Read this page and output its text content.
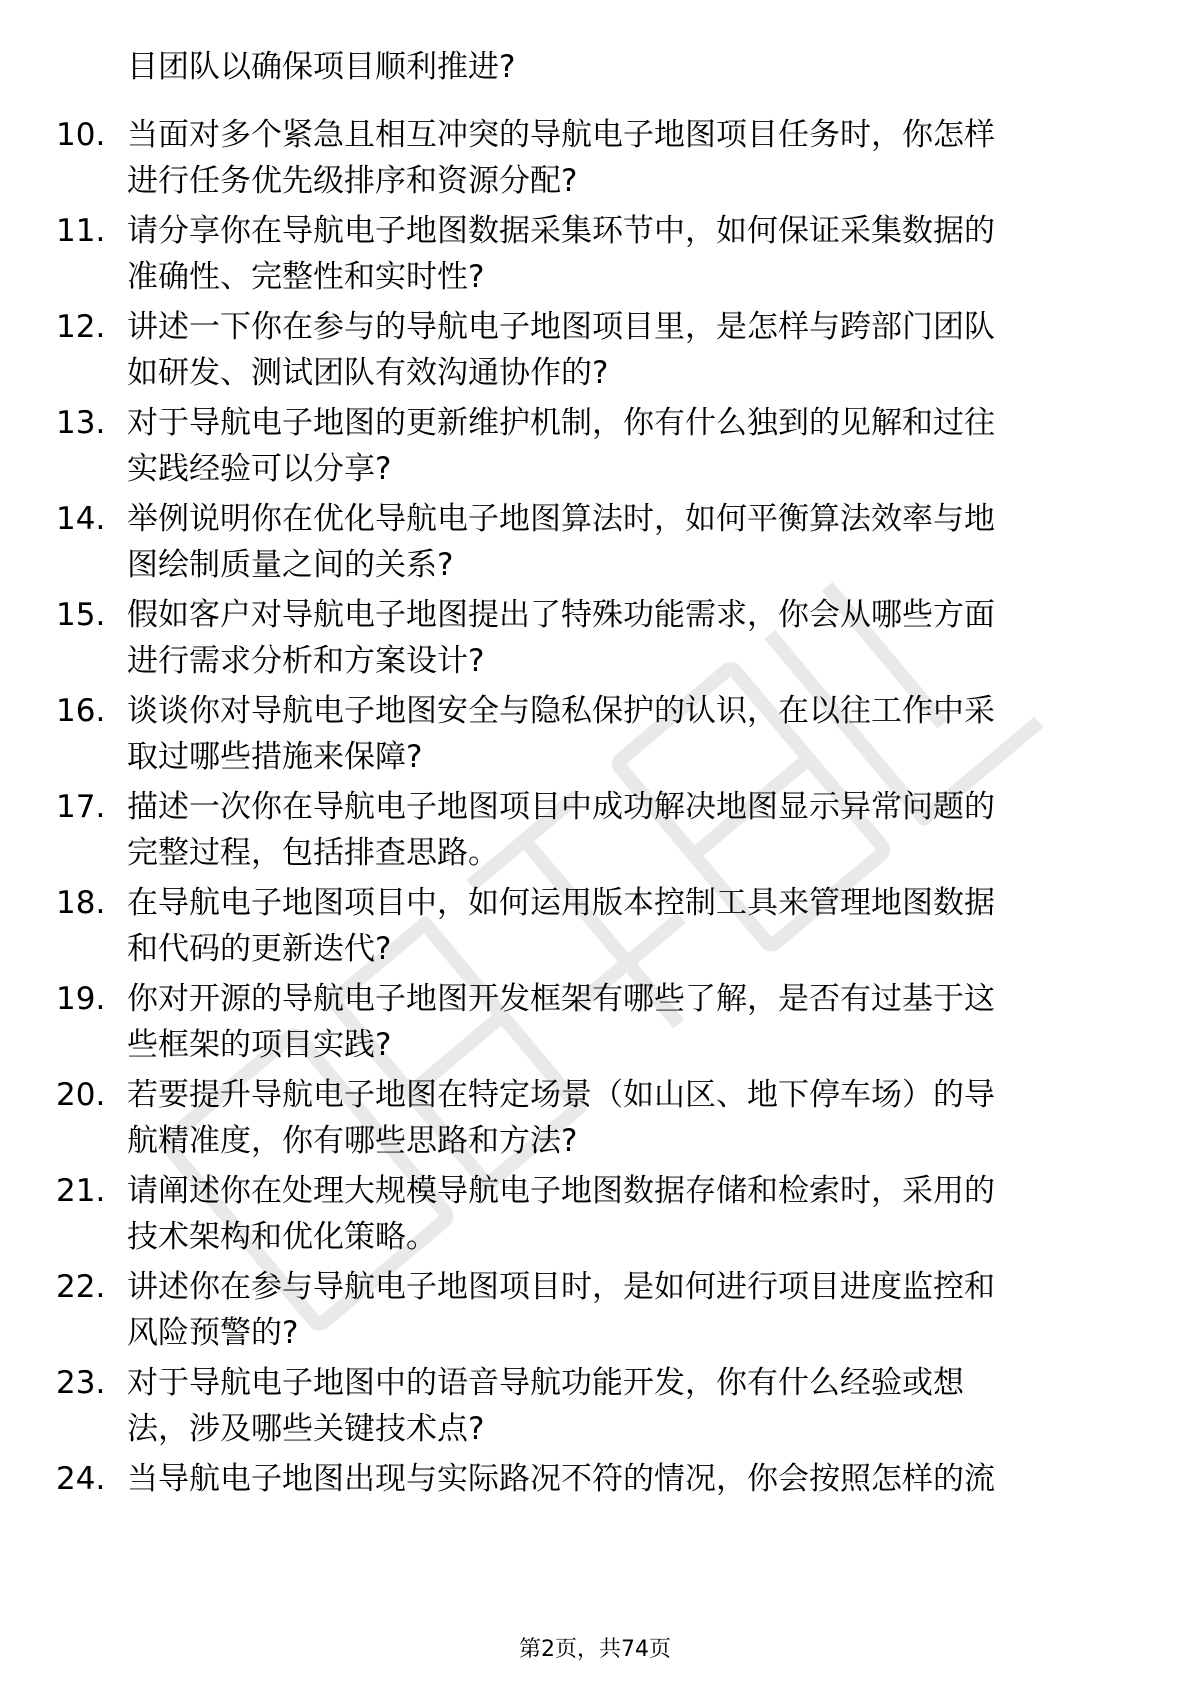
目团队以确保项目顺利推进?
10. 当面对多个紧急且相互冲突的导航电子地图项目任务时，你怎样
进行任务优先级排序和资源分配?
11. 请分享你在导航电子地图数据采集环节中，如何保证采集数据的
准确性、完整性和实时性?
12. 讲述一下你在参与的导航电子地图项目里，是怎样与跨部门团队
如研发、测试团队有效沟通协作的?
13. 对于导航电子地图的更新维护机制，你有什么独到的见解和过往
实践经验可以分享?
14. 举例说明你在优化导航电子地图算法时，如何平衡算法效率与地
图绘制质量之间的关系?
15. 假如客户对导航电子地图提出了特殊功能需求，你会从哪些方面
进行需求分析和方案设计?
16. 谈谈你对导航电子地图安全与隐私保护的认识，在以往工作中采
取过哪些措施来保障?
17. 描述一次你在导航电子地图项目中成功解决地图显示异常问题的
完整过程，包括排查思路。
18. 在导航电子地图项目中，如何运用版本控制工具来管理地图数据
和代码的更新迭代?
19. 你对开源的导航电子地图开发框架有哪些了解，是否有过基于这
些框架的项目实践?
20. 若要提升导航电子地图在特定场景（如山区、地下停车场）的导
航精准度，你有哪些思路和方法?
21. 请阐述你在处理大规模导航电子地图数据存储和检索时，采用的
技术架构和优化策略。
22. 讲述你在参与导航电子地图项目时，是如何进行项目进度监控和
风险预警的?
23. 对于导航电子地图中的语音导航功能开发，你有什么经验或想
法，涉及哪些关键技术点?
24. 当导航电子地图出现与实际路况不符的情况，你会按照怎样的流
第2页，共74页
